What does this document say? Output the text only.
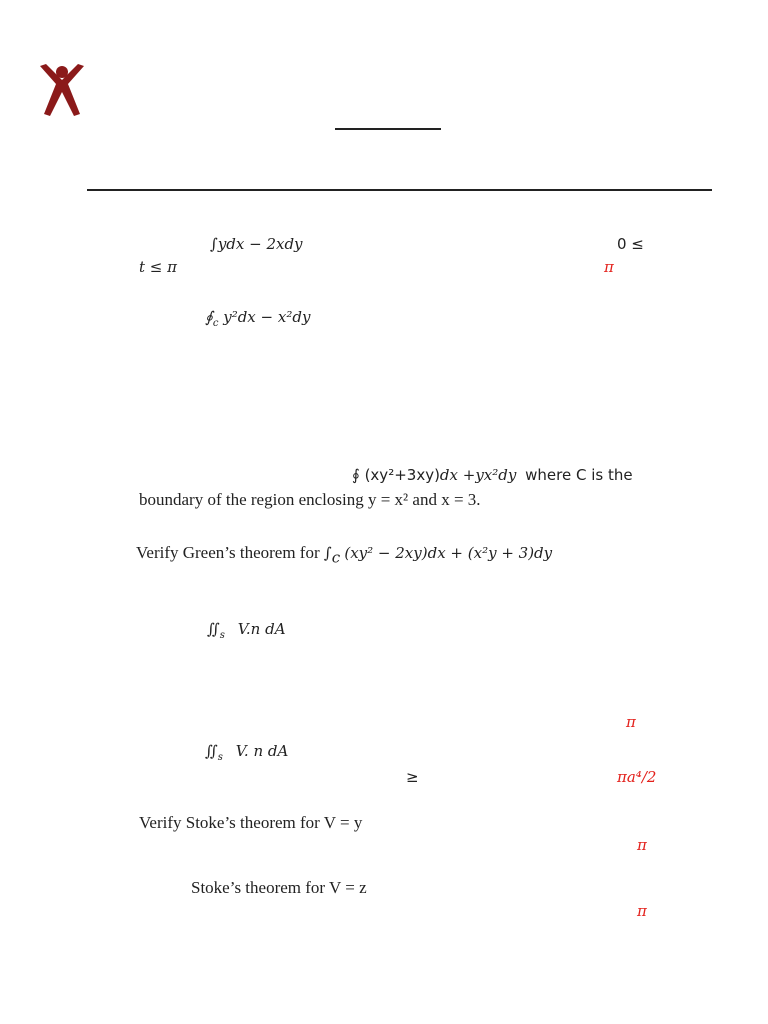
∫ydx − 2xdy	0 ≤
t ≤ π	π
$∮_c$ y²dx − x²dy
∮ (xy²+3xy)dx +yx²dy where C is the
boundary of the region enclosing y = x² and x = 3.
Verify Green’s theorem for $\int_c$ (xy² − 2xy)dx + (x²y + 3)dy
$∬_s$ V.n dA
π
$∬_s$ V. n dA
≥	πa⁴/2
Verify Stoke’s theorem for V = y
π
Stoke’s theorem for V = z
π
